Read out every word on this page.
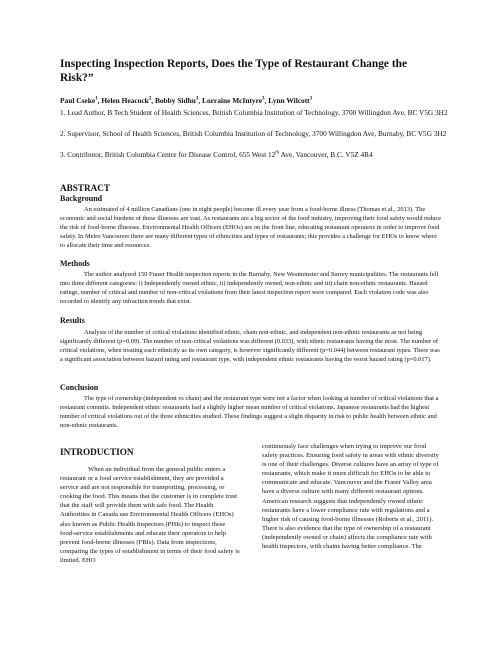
Inspecting Inspection Reports, Does the Type of Restaurant Change the Risk?”

Paul Cseke$^1$, Helen Heacock$^2$, Bobby Sidhu$^3$, Lorraine McIntyre$^3$, Lynn Wilcott$^3$

1. Lead Author, B Tech Student of Health Sciences, British Columbia Institution of Technology, 3700 Willingdon Ave, BC V5G 3H2

2. Supervisor, School of Health Sciences, British Columbia Institution of Technology, 3700 Willingdon Ave, Burnaby, BC V5G 3H2

3. Contributor, British Columbia Centre for Disease Control, 655 West 12th Ave, Vancouver, B.C. V5Z 4R4

ABSTRACT
Background

An estimated of 4 million Canadians (one in eight people) become ill every year from a food-borne illness (Thomas et al., 2013). The economic and social burdens of these illnesses are vast. As restaurants are a big sector of the food industry, improving their food safety would reduce the risk of food-borne illnesses. Environmental Health Officers (EHOs) are on the front line, educating restaurant operators in order to improve food safety. In Metro Vancouver there are many different types of ethnicities and types of restaurants; this provides a challenge for EHOs to know where to allocate their time and resources.

Methods

The author analyzed 150 Fraser Health inspection reports in the Burnaby, New Westminster and Surrey municipalities. The restaurants fell into three different categories: i) Independently owned ethnic, ii) independently owned, non-ethnic and iii) chain non-ethnic restaurants. Hazard ratings, number of critical and number of non-critical violations from their latest inspection report were compared. Each violation code was also recorded to identify any infraction trends that exist.

Results

Analysis of the number of critical violations identified ethnic, chain non-ethnic, and independent non-ethnic restaurants as not being significantly different (p=0.09). The number of non-critical violations was different (0.033), with ethnic restaurants having the most. The number of critical violations, when treating each ethnicity as its own category, is however significantly different (p=0.044) between restaurant types. There was a significant association between hazard rating and restaurant type, with independent ethnic restaurants having the worst hazard rating (p=0.017).

Conclusion

The type of ownership (independent vs chain) and the restaurant type were not a factor when looking at number of critical violations that a restaurant commits. Independent ethnic restaurants had a slightly higher mean number of critical violations. Japanese restaurants had the highest number of critical violations out of the three ethnicities studied. These findings suggest a slight disparity in risk to public health between ethnic and non-ethnic restaurants.

INTRODUCTION

When an individual from the general public enters a restaurant or a food service establishment, they are provided a service and are not responsible for transporting, processing, or cooking the food. This means that the customer is in complete trust that the staff will provide them with safe food. The Health Authorities in Canada use Environmental Health Officers (EHOs) also known as Public Health Inspectors (PHIs) to inspect these food-service establishments and educate their operators to help prevent food-borne illnesses (FBIs). Data from inspections, comparing the types of establishment in terms of their food safety is limited. EHO

continuously face challenges when trying to improve our food safety practices. Ensuring food safety in areas with ethnic diversity is one of their challenges. Diverse cultures have an array of type of restaurants, which make it more difficult for EHOs to be able to communicate and educate. Vancouver and the Fraser Valley area have a diverse culture with many different restaurant options. American research suggests that independently owned ethnic restaurants have a lower compliance rate with regulations and a higher risk of causing food-borne illnesses (Roberts et al., 2011). There is also evidence that the type of ownership of a restaurant (independently owned or chain) affects the compliance rate with health inspectors, with chains having better compliance. The
